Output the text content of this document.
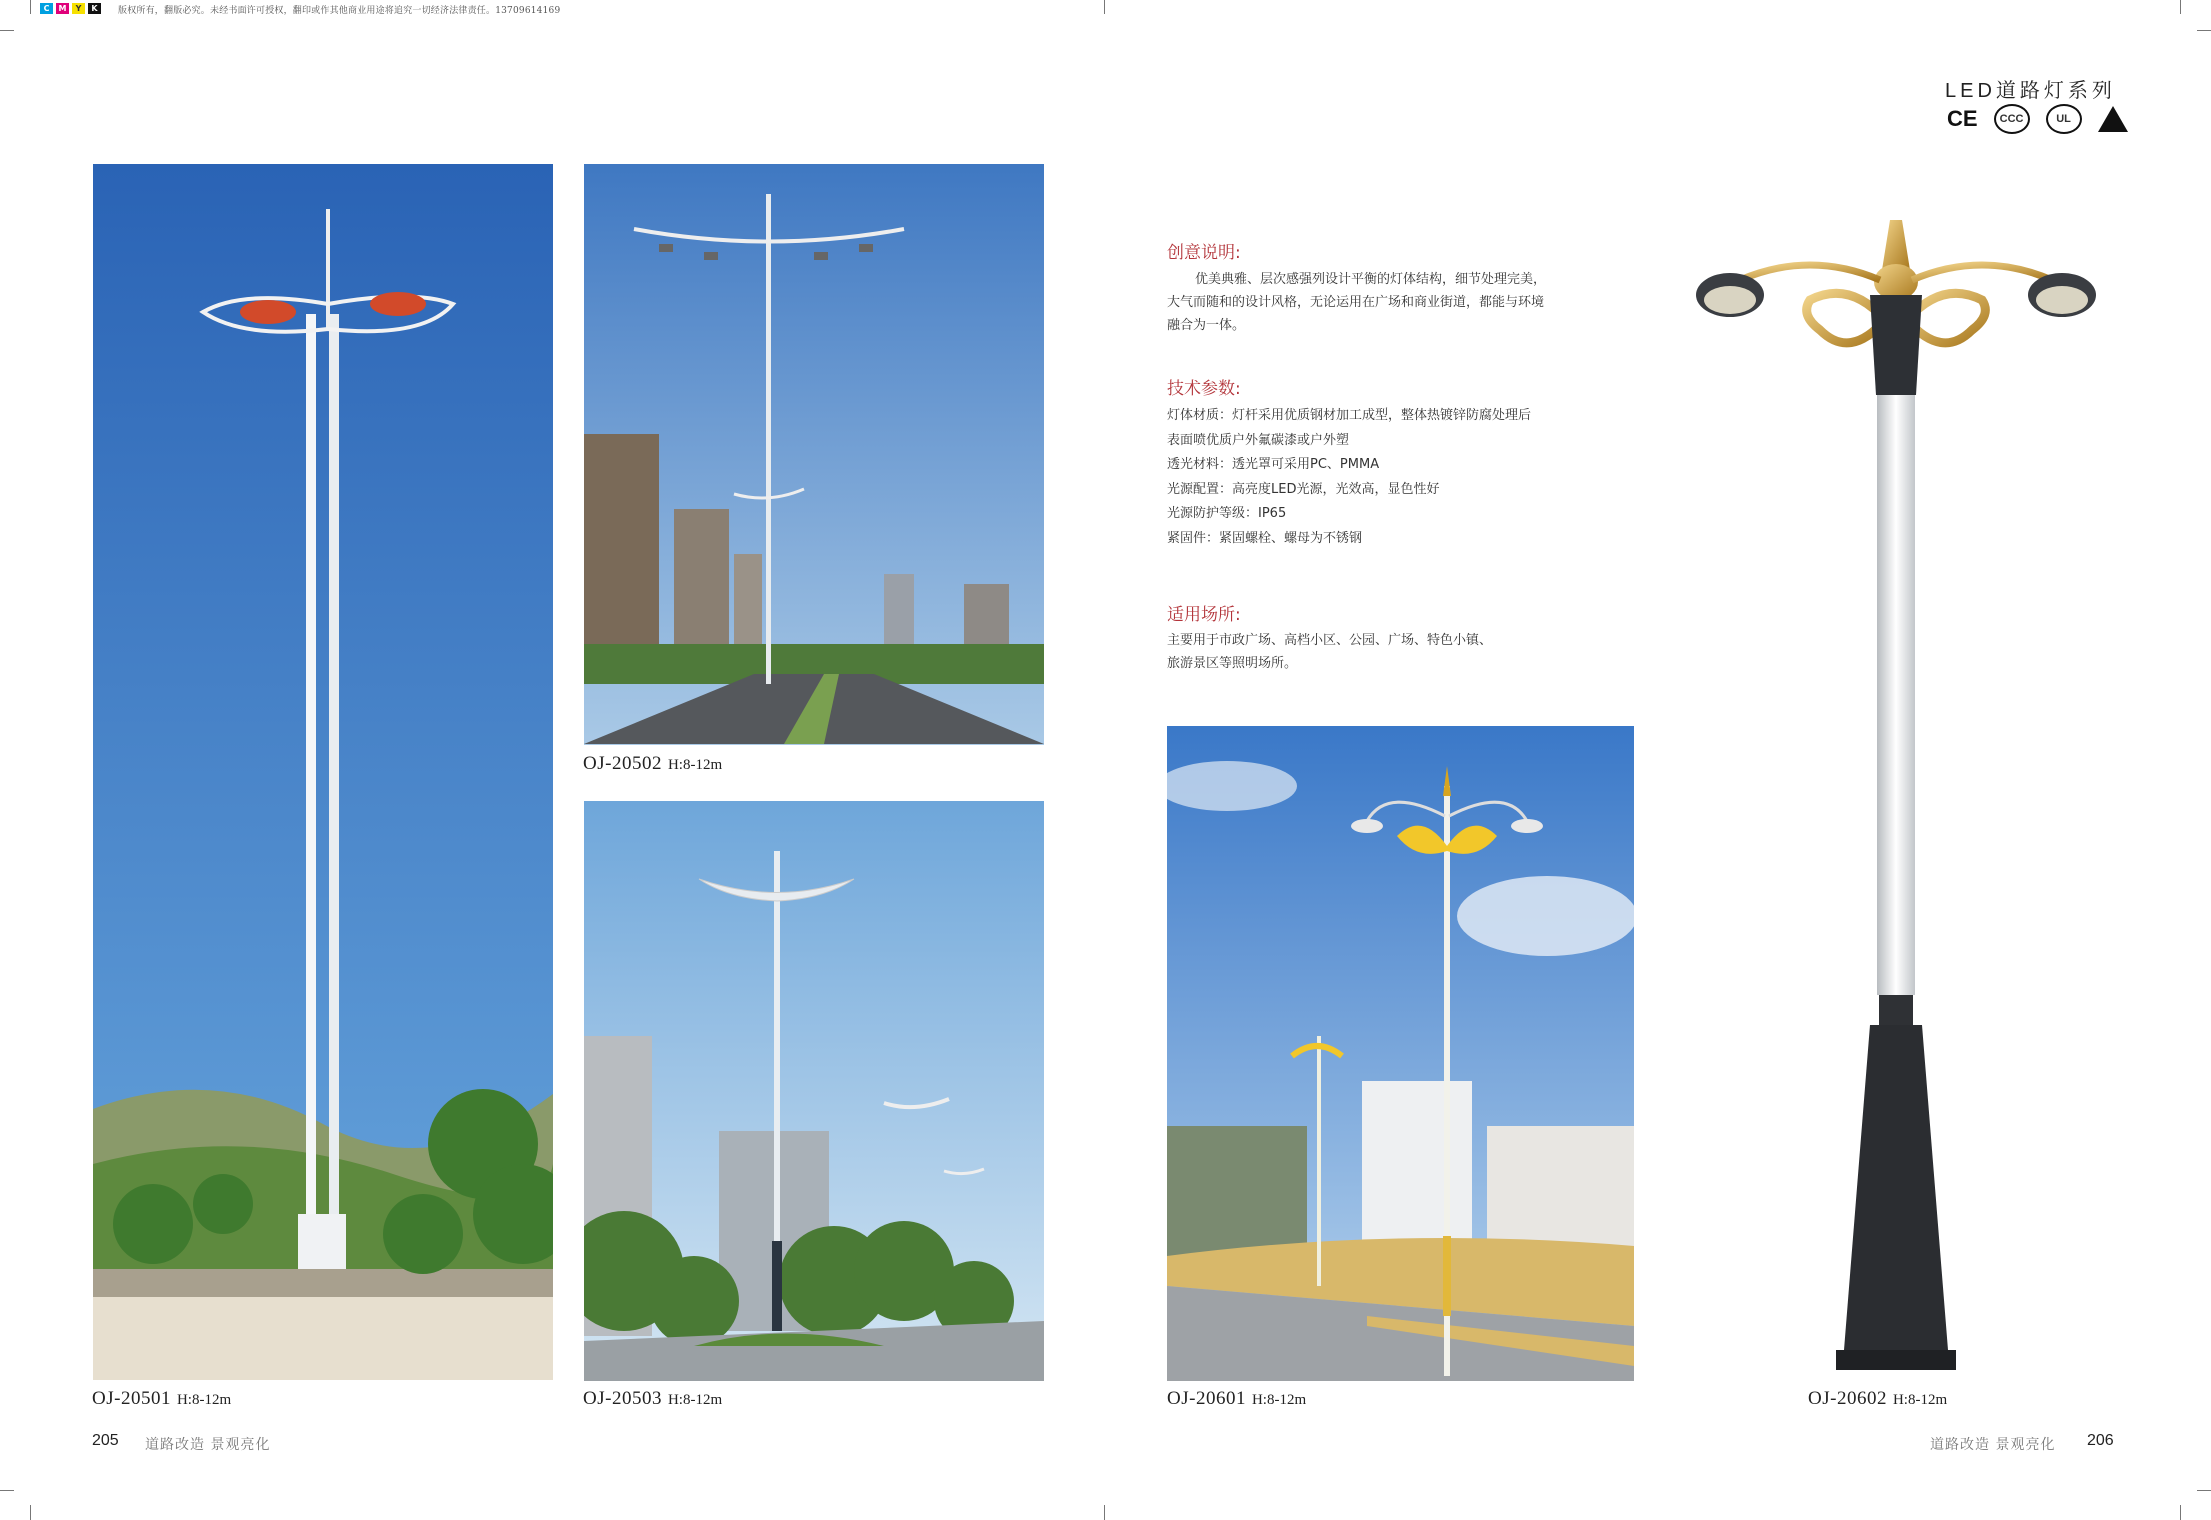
C	M	Y	K	版权所有，翻版必究。未经书面许可授权，翻印或作其他商业用途将追究一切经济法律责任。13709614169
LED道路灯系列
CE	CCC	UL
OJ-20501 H:8-12m
OJ-20502 H:8-12m
OJ-20503 H:8-12m
创意说明:
优美典雅、层次感强列设计平衡的灯体结构，细节处理完美，
大气而随和的设计风格，无论运用在广场和商业街道，都能与环境
融合为一体。
技术参数:
灯体材质：灯杆采用优质钢材加工成型，整体热镀锌防腐处理后
表面喷优质户外氟碳漆或户外塑
透光材料：透光罩可采用PC、PMMA
光源配置：高亮度LED光源，光效高，显色性好
光源防护等级：IP65
紧固件：紧固螺栓、螺母为不锈钢
适用场所:
主要用于市政广场、高档小区、公园、广场、特色小镇、
旅游景区等照明场所。
OJ-20601 H:8-12m	OJ-20602 H:8-12m
205 道路改造 景观亮化	道路改造 景观亮化 206
